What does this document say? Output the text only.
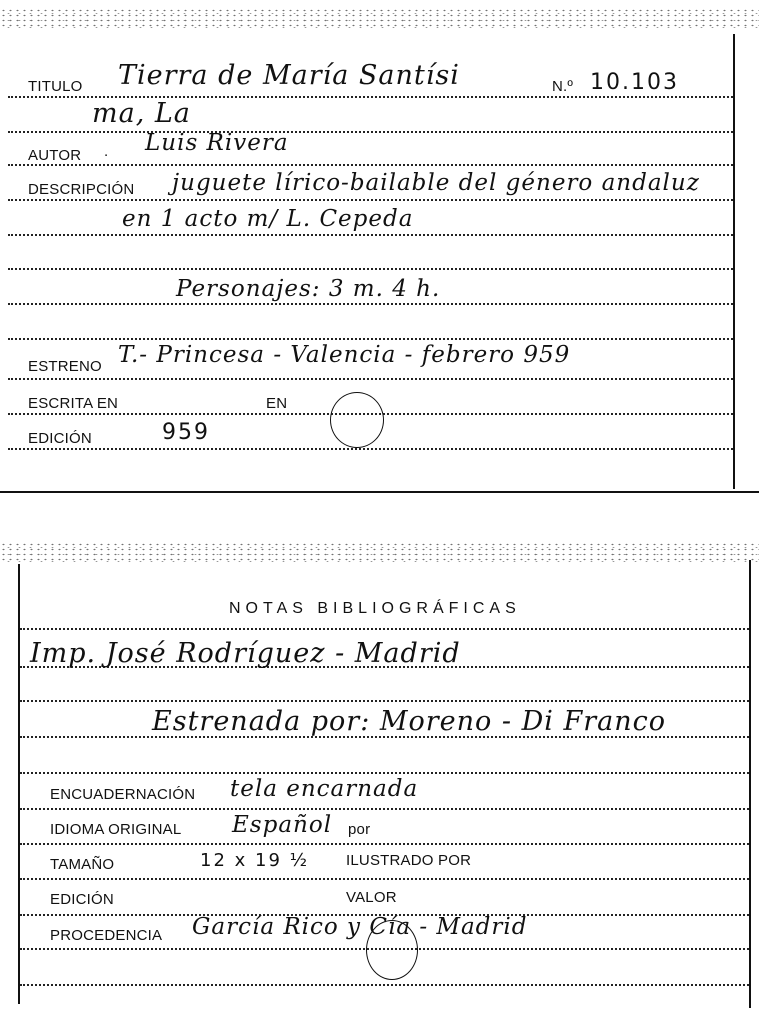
TITULO Tierra de María Santísi	N.º 10.103
ma, La
AUTOR . Luis Rivera
DESCRIPCIÓN juguete lírico-bailable del género andaluz
en 1 acto m/ L. Cepeda
Personajes: 3 m. 4 h.
ESTRENO T.- Princesa - Valencia - febrero 959
ESCRITA EN	EN
EDICIÓN	959
NOTAS BIBLIOGRÁFICAS
Imp. José Rodríguez - Madrid
Estrenada por: Moreno - Di Franco
ENCUADERNACIÓN tela encarnada
IDIOMA ORIGINAL Español por
TAMAÑO	12 x 19 ½ ILUSTRADO POR
EDICIÓN	VALOR
PROCEDENCIA García Rico y Cía - Madrid
